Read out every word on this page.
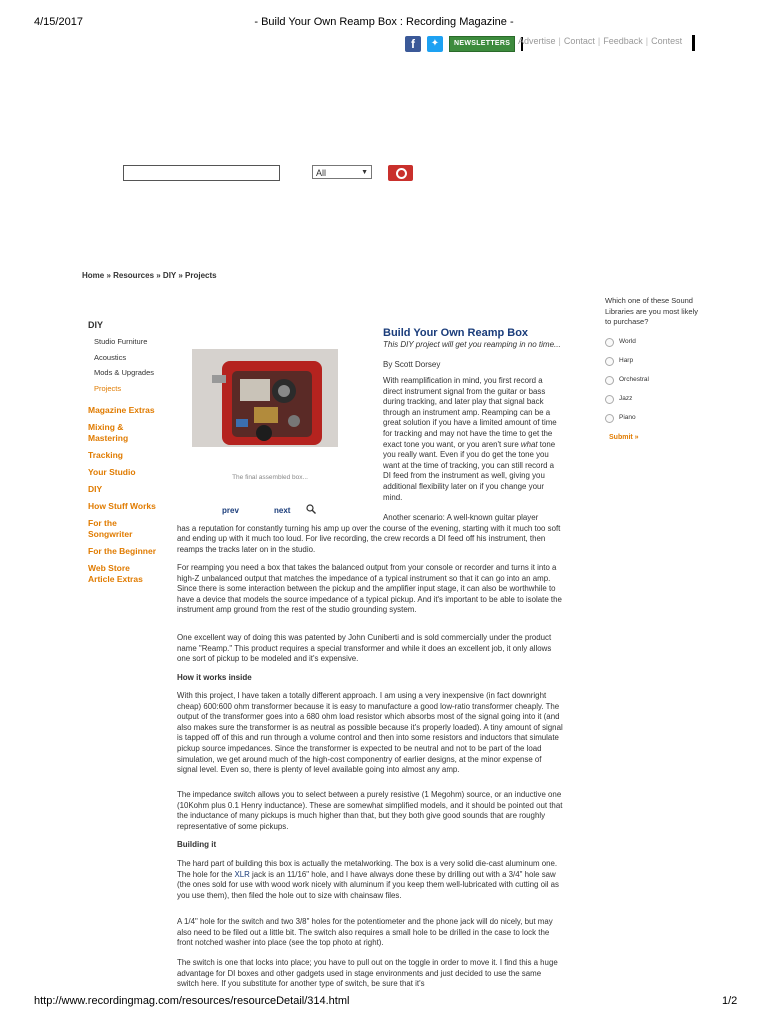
4/15/2017	- Build Your Own Reamp Box : Recording Magazine -
http://www.recordingmag.com/resources/resourceDetail/314.html	1/2
f	✦	NEWSLETTERS Advertise | Contact | Feedback | Contest
All	▼
Home » Resources » DIY » Projects
DIY
Studio Furniture
Acoustics
Mods & Upgrades
Projects
Magazine Extras
Mixing & Mastering
Tracking
Your Studio
DIY
How Stuff Works
For the Songwriter
For the Beginner
Web Store Article Extras
The final assembled box...
prev	next
Build Your Own Reamp Box
This DIY project will get you reamping in no time...
By Scott Dorsey
With reamplification in mind, you first record a direct instrument signal from the guitar or bass during tracking, and later play that signal back through an instrument amp. Reamping can be a great solution if you have a limited amount of time for tracking and may not have the time to get the exact tone you want, or you aren't sure what tone you really want. Even if you do get the tone you want at the time of tracking, you can still record a DI feed from the instrument as well, giving you additional flexibility later on if you change your mind.
Another scenario: A well-known guitar player
has a reputation for constantly turning his amp up over the course of the evening, starting with it much too soft and ending up with it much too loud. For live recording, the crew records a DI feed off his instrument, then reamps the tracks later on in the studio.
For reamping you need a box that takes the balanced output from your console or recorder and turns it into a high-Z unbalanced output that matches the impedance of a typical instrument so that it can go into an amp. Since there is some interaction between the pickup and the amplifier input stage, it can also be worthwhile to have a device that models the source impedance of a typical pickup. And it's important to be able to isolate the instrument amp ground from the rest of the studio grounding system.
One excellent way of doing this was patented by John Cuniberti and is sold commercially under the product name "Reamp." This product requires a special transformer and while it does an excellent job, it only allows one sort of pickup to be modeled and it's expensive.
How it works inside
With this project, I have taken a totally different approach. I am using a very inexpensive (in fact downright cheap) 600:600 ohm transformer because it is easy to manufacture a good low-ratio transformer cheaply. The output of the transformer goes into a 680 ohm load resistor which absorbs most of the signal going into it (and also makes sure the transformer is as neutral as possible because it's properly loaded). A tiny amount of signal is tapped off of this and run through a volume control and then into some resistors and inductors that simulate pickup source impedances. Since the transformer is expected to be neutral and not to be part of the load simulation, we get around much of the high-cost componentry of earlier designs, at the minor expense of signal level. Even so, there is plenty of level available going into almost any amp.
The impedance switch allows you to select between a purely resistive (1 Megohm) source, or an inductive one (10Kohm plus 0.1 Henry inductance). These are somewhat simplified models, and it should be pointed out that the inductance of many pickups is much higher than that, but they both give good sounds that are roughly representative of some pickups.
Building it
The hard part of building this box is actually the metalworking. The box is a very solid die-cast aluminum one. The hole for the XLR jack is an 11/16" hole, and I have always done these by drilling out with a 3/4" hole saw (the ones sold for use with wood work nicely with aluminum if you keep them well-lubricated with cutting oil as you use them), then filed the hole out to size with chainsaw files.
A 1/4" hole for the switch and two 3/8" holes for the potentiometer and the phone jack will do nicely, but may also need to be filed out a little bit. The switch also requires a small hole to be drilled in the case to lock the front notched washer into place (see the top photo at right).
The switch is one that locks into place; you have to pull out on the toggle in order to move it. I find this a huge advantage for DI boxes and other gadgets used in stage environments and just decided to use the same switch here. If you substitute for another type of switch, be sure that it's
Which one of these Sound Libraries are you most likely to purchase?
World
Harp
Orchestral
Jazz
Piano
Submit »
